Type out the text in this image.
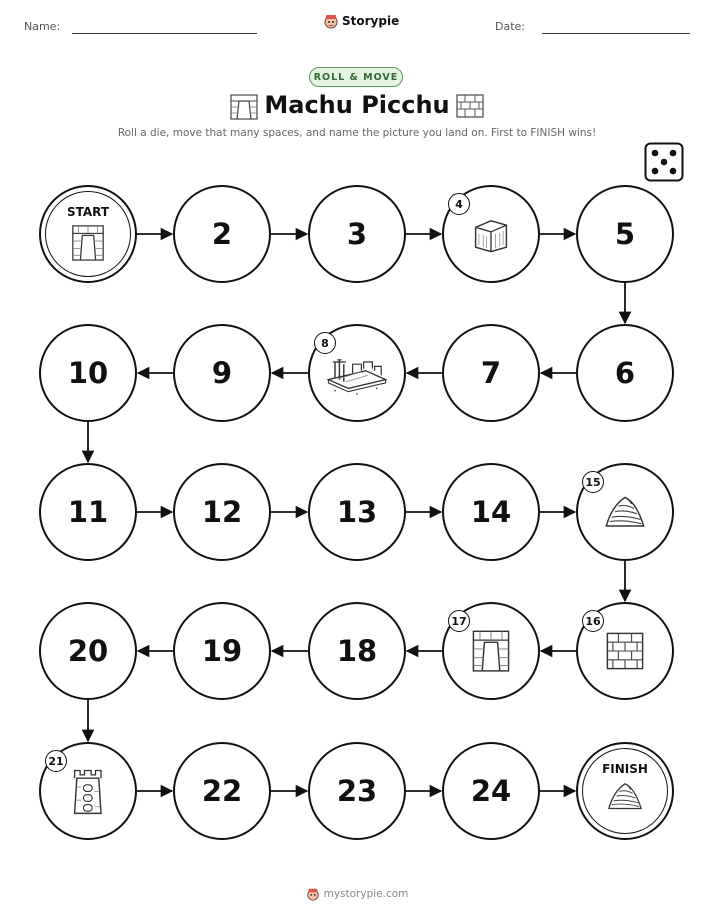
Name:	Storypie	Date:
ROLL & MOVE
Machu Picchu
Roll a die, move that many spaces, and name the picture you land on. First to FINISH wins!
START
2	3
4
5
6
7
8
9
10
11	12	13	14
15
16
17
18
19
20
21
22	23	24
FINISH
mystorypie.com
